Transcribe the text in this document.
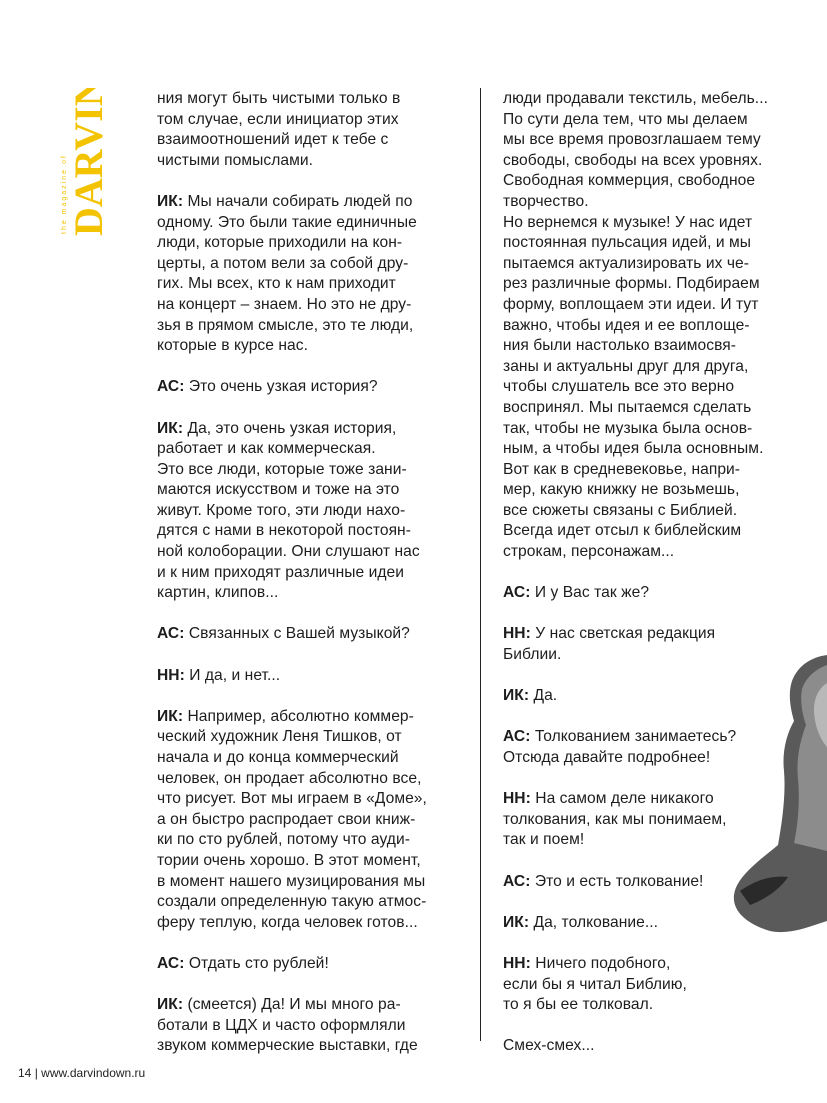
DARVIN
the magazine of

ния могут быть чистыми только в
том случае, если инициатор этих
взаимоотношений идет к тебе с
чистыми помыслами.

ИК: Мы начали собирать людей по
одному. Это были такие единичные
люди, которые приходили на кон-
церты, а потом вели за собой дру-
гих. Мы всех, кто к нам приходит
на концерт – знаем. Но это не дру-
зья в прямом смысле, это те люди,
которые в курсе нас.

АС: Это очень узкая история?

ИК: Да, это очень узкая история,
работает и как коммерческая.
Это все люди, которые тоже зани-
маются искусством и тоже на это
живут. Кроме того, эти люди нахо-
дятся с нами в некоторой постоян-
ной колоборации. Они слушают нас
и к ним приходят различные идеи
картин, клипов...

АС: Связанных с Вашей музыкой?

НН: И да, и нет...

ИК: Например, абсолютно коммер-
ческий художник Леня Тишков, от
начала и до конца коммерческий
человек, он продает абсолютно все,
что рисует. Вот мы играем в «Доме»,
а он быстро распродает свои книж-
ки по сто рублей, потому что ауди-
тории очень хорошо. В этот момент,
в момент нашего музицирования мы
создали определенную такую атмос-
феру теплую, когда человек готов...

АС: Отдать сто рублей!

ИК: (смеется) Да! И мы много ра-
ботали в ЦДХ и часто оформляли
звуком коммерческие выставки, где

люди продавали текстиль, мебель...
По сути дела тем, что мы делаем
мы все время провозглашаем тему
свободы, свободы на всех уровнях.
Свободная коммерция, свободное
творчество.
Но вернемся к музыке! У нас идет
постоянная пульсация идей, и мы
пытаемся актуализировать их че-
рез различные формы. Подбираем
форму, воплощаем эти идеи. И тут
важно, чтобы идея и ее воплоще-
ния были настолько взаимосвя-
заны и актуальны друг для друга,
чтобы слушатель все это верно
воспринял. Мы пытаемся сделать
так, чтобы не музыка была основ-
ным, а чтобы идея была основным.
Вот как в средневековье, напри-
мер, какую книжку не возьмешь,
все сюжеты связаны с Библией.
Всегда идет отсыл к библейским
строкам, персонажам...

АС: И у Вас так же?

НН: У нас светская редакция
Библии.

ИК: Да.

АС: Толкованием занимаетесь?
Отсюда давайте подробнее!

НН: На самом деле никакого
толкования, как мы понимаем,
так и поем!

АС: Это и есть толкование!

ИК: Да, толкование...

НН: Ничего подобного,
если бы я читал Библию,
то я бы ее толковал.

Смех-смех...

14 | www.darvindown.ru
